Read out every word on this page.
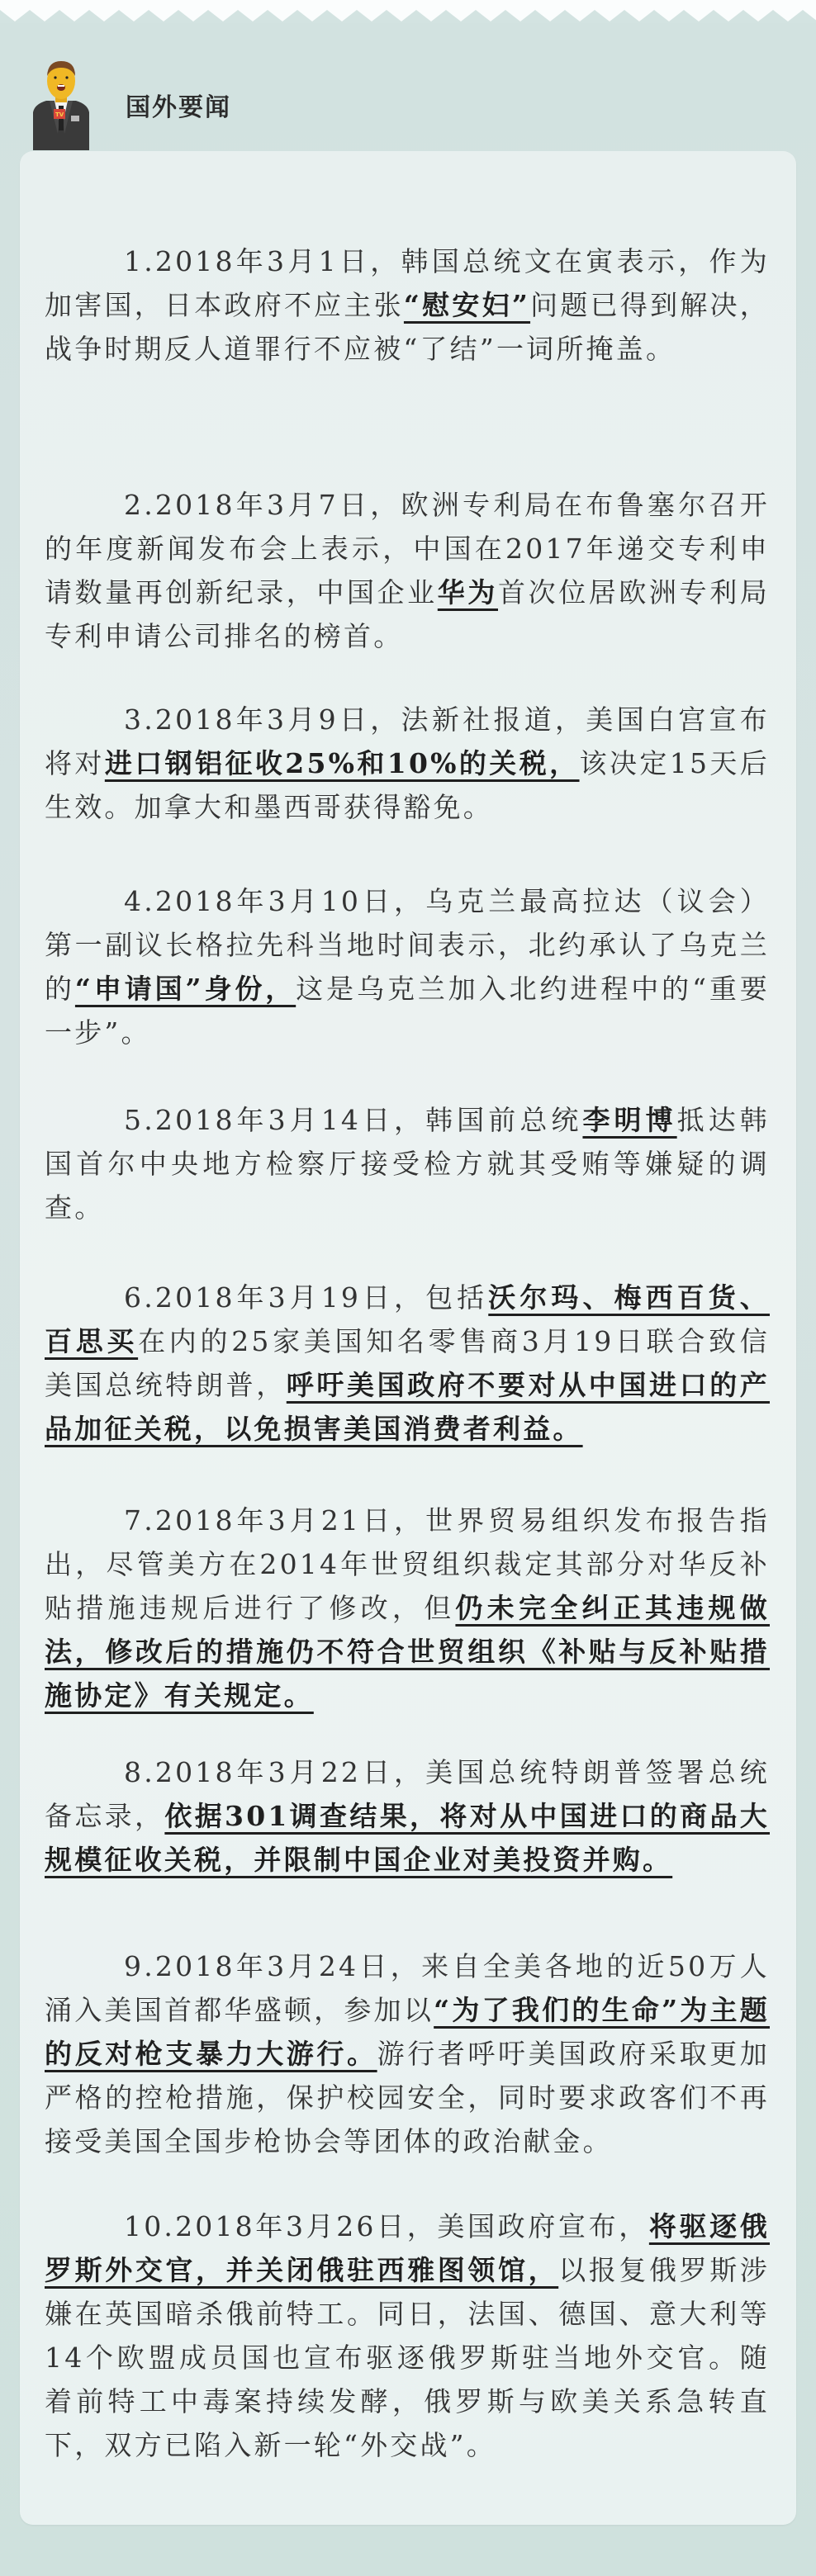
TV 国外要闻
1.2018年3月1日，韩国总统文在寅表示，作为加害国，日本政府不应主张“慰安妇”问题已得到解决，战争时期反人道罪行不应被“了结”一词所掩盖。
2.2018年3月7日，欧洲专利局在布鲁塞尔召开的年度新闻发布会上表示，中国在2017年递交专利申请数量再创新纪录，中国企业华为首次位居欧洲专利局专利申请公司排名的榜首。
3.2018年3月9日，法新社报道，美国白宫宣布将对进口钢铝征收25%和10%的关税，该决定15天后生效。加拿大和墨西哥获得豁免。
4.2018年3月10日，乌克兰最高拉达（议会）第一副议长格拉先科当地时间表示，北约承认了乌克兰的“申请国”身份，这是乌克兰加入北约进程中的“重要一步”。
5.2018年3月14日，韩国前总统李明博抵达韩国首尔中央地方检察厅接受检方就其受贿等嫌疑的调查。
6.2018年3月19日，包括沃尔玛、梅西百货、百思买在内的25家美国知名零售商3月19日联合致信美国总统特朗普，呼吁美国政府不要对从中国进口的产品加征关税，以免损害美国消费者利益。
7.2018年3月21日，世界贸易组织发布报告指出，尽管美方在2014年世贸组织裁定其部分对华反补贴措施违规后进行了修改，但仍未完全纠正其违规做法，修改后的措施仍不符合世贸组织《补贴与反补贴措施协定》有关规定。
8.2018年3月22日，美国总统特朗普签署总统备忘录，依据301调查结果，将对从中国进口的商品大规模征收关税，并限制中国企业对美投资并购。
9.2018年3月24日，来自全美各地的近50万人涌入美国首都华盛顿，参加以“为了我们的生命”为主题的反对枪支暴力大游行。游行者呼吁美国政府采取更加严格的控枪措施，保护校园安全，同时要求政客们不再接受美国全国步枪协会等团体的政治献金。
10.2018年3月26日，美国政府宣布，将驱逐俄罗斯外交官，并关闭俄驻西雅图领馆，以报复俄罗斯涉嫌在英国暗杀俄前特工。同日，法国、德国、意大利等14个欧盟成员国也宣布驱逐俄罗斯驻当地外交官。随着前特工中毒案持续发酵，俄罗斯与欧美关系急转直下，双方已陷入新一轮“外交战”。
